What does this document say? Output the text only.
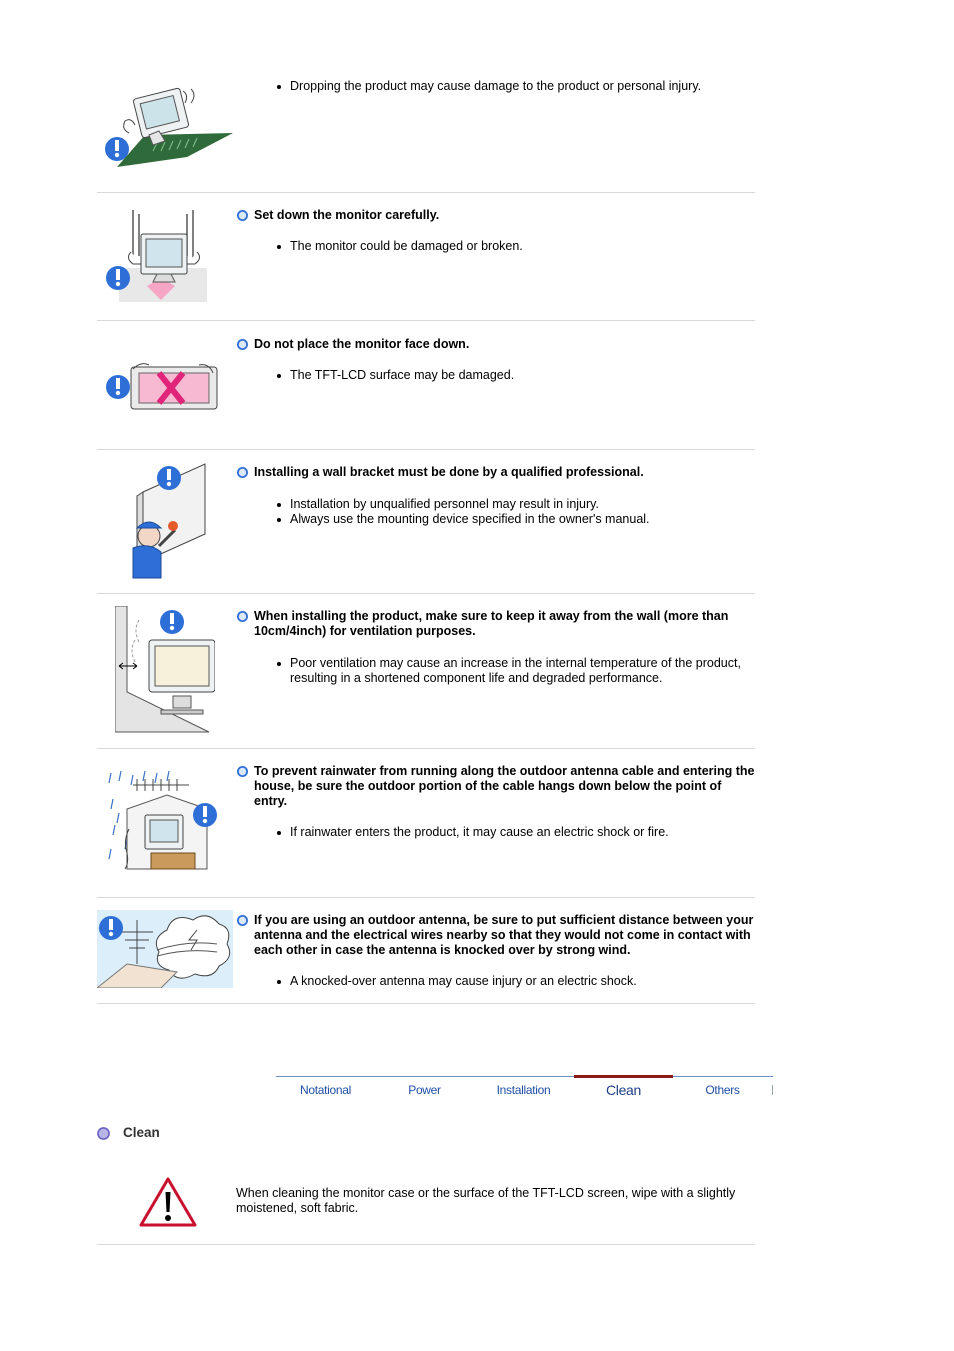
Dropping the product may cause damage to the product or personal injury.
Set down the monitor carefully.
The monitor could be damaged or broken.
Do not place the monitor face down.
The TFT-LCD surface may be damaged.
Installing a wall bracket must be done by a qualified professional.
Installation by unqualified personnel may result in injury.
Always use the mounting device specified in the owner's manual.
When installing the product, make sure to keep it away from the wall (more than 10cm/4inch) for ventilation purposes.
Poor ventilation may cause an increase in the internal temperature of the product, resulting in a shortened component life and degraded performance.
To prevent rainwater from running along the outdoor antenna cable and entering the house, be sure the outdoor portion of the cable hangs down below the point of entry.
If rainwater enters the product, it may cause an electric shock or fire.
If you are using an outdoor antenna, be sure to put sufficient distance between your antenna and the electrical wires nearby so that they would not come in contact with each other in case the antenna is knocked over by strong wind.
A knocked-over antenna may cause injury or an electric shock.
Notational	Power	Installation	Clean	Others
Clean
When cleaning the monitor case or the surface of the TFT-LCD screen, wipe with a slightly moistened, soft fabric.
